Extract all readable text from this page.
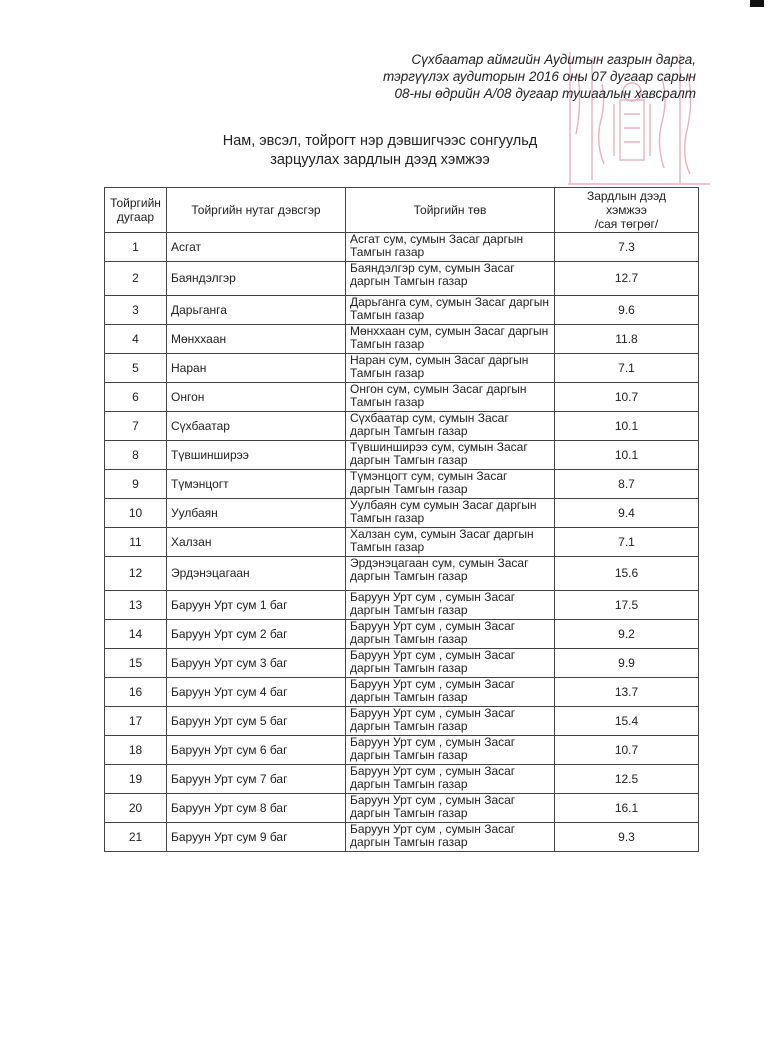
Сүхбаатар аймгийн Аудитын газрын дарга,
тэргүүлэх аудиторын 2016 оны 07 дугаар сарын
08-ны өдрийн А/08 дугаар тушаалын хавсралт
Нам, эвсэл, тойрогт нэр дэвшигчээс сонгуульд
зарцуулах зардлын дээд хэмжээ
Тойргийн дугаар	Тойргийн нутаг дэвсгэр	Тойргийн төв	Зардлын дээд
хэмжээ
/сая төгрөг/

1	Асгат	Асгат сум, сумын Засаг даргын Тамгын газар	7.3
2	Баяндэлгэр	Баяндэлгэр сум, сумын Засаг даргын Тамгын газар	12.7
3	Дарьганга	Дарьганга сум, сумын Засаг даргын Тамгын газар	9.6
4	Мөнххаан	Мөнххаан сум, сумын Засаг даргын Тамгын газар	11.8
5	Наран	Наран сум, сумын Засаг даргын Тамгын газар	7.1
6	Онгон	Онгон сум, сумын Засаг даргын Тамгын газар	10.7
7	Сүхбаатар	Сүхбаатар сум, сумын Засаг даргын Тамгын газар	10.1
8	Түвшинширээ	Түвшинширээ сум, сумын Засаг даргын Тамгын газар	10.1
9	Түмэнцогт	Түмэнцогт сум, сумын Засаг даргын Тамгын газар	8.7
10	Уулбаян	Уулбаян сум сумын Засаг даргын Тамгын газар	9.4
11	Халзан	Халзан сум, сумын Засаг даргын Тамгын газар	7.1
12	Эрдэнэцагаан	Эрдэнэцагаан сум, сумын Засаг даргын Тамгын газар	15.6
13	Баруун Урт сум 1 баг	Баруун Урт сум , сумын Засаг даргын Тамгын газар	17.5
14	Баруун Урт сум 2 баг	Баруун Урт сум , сумын Засаг даргын Тамгын газар	9.2
15	Баруун Урт сум 3 баг	Баруун Урт сум , сумын Засаг даргын Тамгын газар	9.9
16	Баруун Урт сум 4 баг	Баруун Урт сум , сумын Засаг даргын Тамгын газар	13.7
17	Баруун Урт сум 5 баг	Баруун Урт сум , сумын Засаг даргын Тамгын газар	15.4
18	Баруун Урт сум 6 баг	Баруун Урт сум , сумын Засаг даргын Тамгын газар	10.7
19	Баруун Урт сум 7 баг	Баруун Урт сум , сумын Засаг даргын Тамгын газар	12.5
20	Баруун Урт сум 8 баг	Баруун Урт сум , сумын Засаг даргын Тамгын газар	16.1
21	Баруун Урт сум 9 баг	Баруун Урт сум , сумын Засаг даргын Тамгын газар	9.3
